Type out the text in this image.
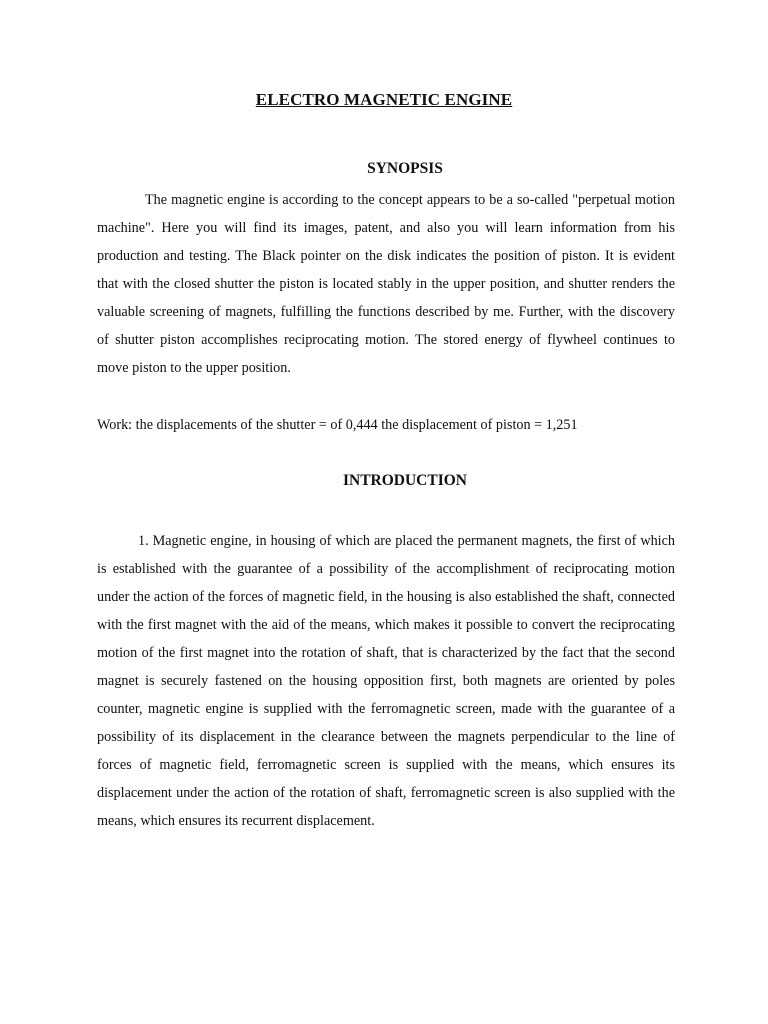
ELECTRO MAGNETIC ENGINE
SYNOPSIS

The magnetic engine is according to the concept appears to be a so-called "perpetual motion machine". Here you will find its images, patent, and also you will learn information from his production and testing. The Black pointer on the disk indicates the position of piston. It is evident that with the closed shutter the piston is located stably in the upper position, and shutter renders the valuable screening of magnets, fulfilling the functions described by me. Further, with the discovery of shutter piston accomplishes reciprocating motion. The stored energy of flywheel continues to move piston to the upper position.

Work: the displacements of the shutter = of 0,444 the displacement of piston = 1,251

INTRODUCTION

1. Magnetic engine, in housing of which are placed the permanent magnets, the first of which is established with the guarantee of a possibility of the accomplishment of reciprocating motion under the action of the forces of magnetic field, in the housing is also established the shaft, connected with the first magnet with the aid of the means, which makes it possible to convert the reciprocating motion of the first magnet into the rotation of shaft, that is characterized by the fact that the second magnet is securely fastened on the housing opposition first, both magnets are oriented by poles counter, magnetic engine is supplied with the ferromagnetic screen, made with the guarantee of a possibility of its displacement in the clearance between the magnets perpendicular to the line of forces of magnetic field, ferromagnetic screen is supplied with the means, which ensures its displacement under the action of the rotation of shaft, ferromagnetic screen is also supplied with the means, which ensures its recurrent displacement.
